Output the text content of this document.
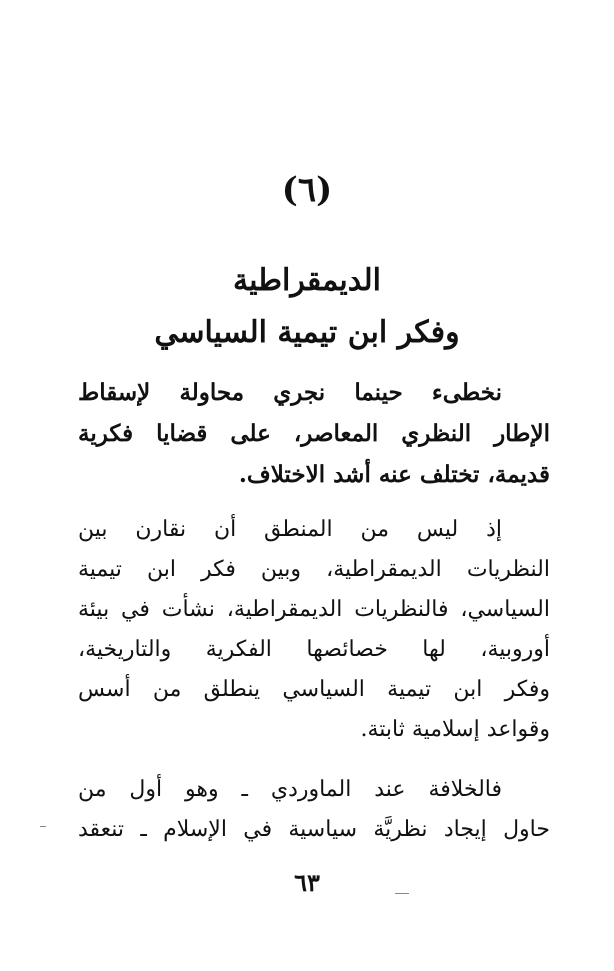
(٦)
الديمقراطية
وفكر ابن تيمية السياسي
نخطىء حينما نجري محاولة لإسقاط
الإطار النظري المعاصر، على قضايا فكرية
قديمة، تختلف عنه أشد الاختلاف.
إذ ليس من المنطق أن نقارن بين
النظريات الديمقراطية، وبين فكر ابن تيمية
السياسي، فالنظريات الديمقراطية، نشأت في بيئة
أوروبية، لها خصائصها الفكرية والتاريخية،
وفكر ابن تيمية السياسي ينطلق من أسس
وقواعد إسلامية ثابتة.
فالخلافة عند الماوردي ـ وهو أول من
حاول إيجاد نظريَّة سياسية في الإسلام ـ تنعقد
٦٣
